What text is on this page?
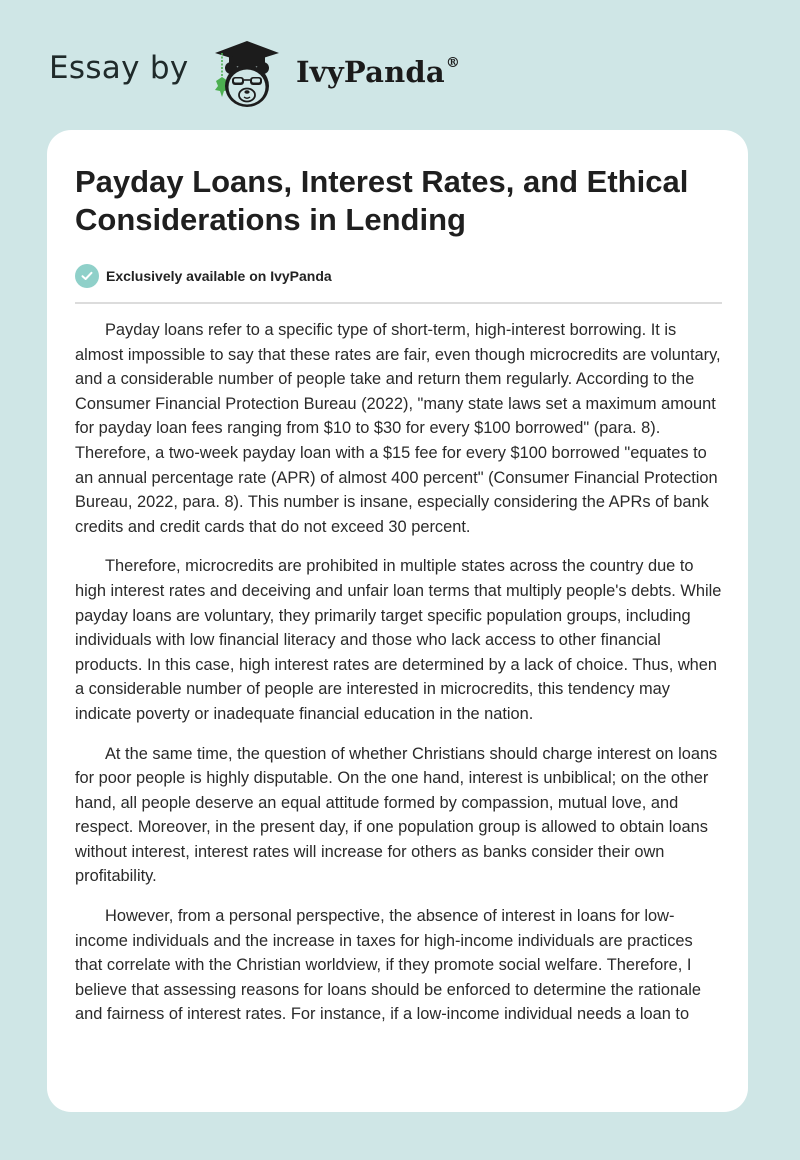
Essay by	IvyPanda®
Payday Loans, Interest Rates, and Ethical Considerations in Lending
Exclusively available on IvyPanda

Payday loans refer to a specific type of short-term, high-interest borrowing. It is almost impossible to say that these rates are fair, even though microcredits are voluntary, and a considerable number of people take and return them regularly. According to the Consumer Financial Protection Bureau (2022), "many state laws set a maximum amount for payday loan fees ranging from $10 to $30 for every $100 borrowed" (para. 8). Therefore, a two-week payday loan with a $15 fee for every $100 borrowed "equates to an annual percentage rate (APR) of almost 400 percent" (Consumer Financial Protection Bureau, 2022, para. 8). This number is insane, especially considering the APRs of bank credits and credit cards that do not exceed 30 percent.

Therefore, microcredits are prohibited in multiple states across the country due to high interest rates and deceiving and unfair loan terms that multiply people's debts. While payday loans are voluntary, they primarily target specific population groups, including individuals with low financial literacy and those who lack access to other financial products. In this case, high interest rates are determined by a lack of choice. Thus, when a considerable number of people are interested in microcredits, this tendency may indicate poverty or inadequate financial education in the nation.

At the same time, the question of whether Christians should charge interest on loans for poor people is highly disputable. On the one hand, interest is unbiblical; on the other hand, all people deserve an equal attitude formed by compassion, mutual love, and respect. Moreover, in the present day, if one population group is allowed to obtain loans without interest, interest rates will increase for others as banks consider their own profitability.

However, from a personal perspective, the absence of interest in loans for low-income individuals and the increase in taxes for high-income individuals are practices that correlate with the Christian worldview, if they promote social welfare. Therefore, I believe that assessing reasons for loans should be enforced to determine the rationale and fairness of interest rates. For instance, if a low-income individual needs a loan to
